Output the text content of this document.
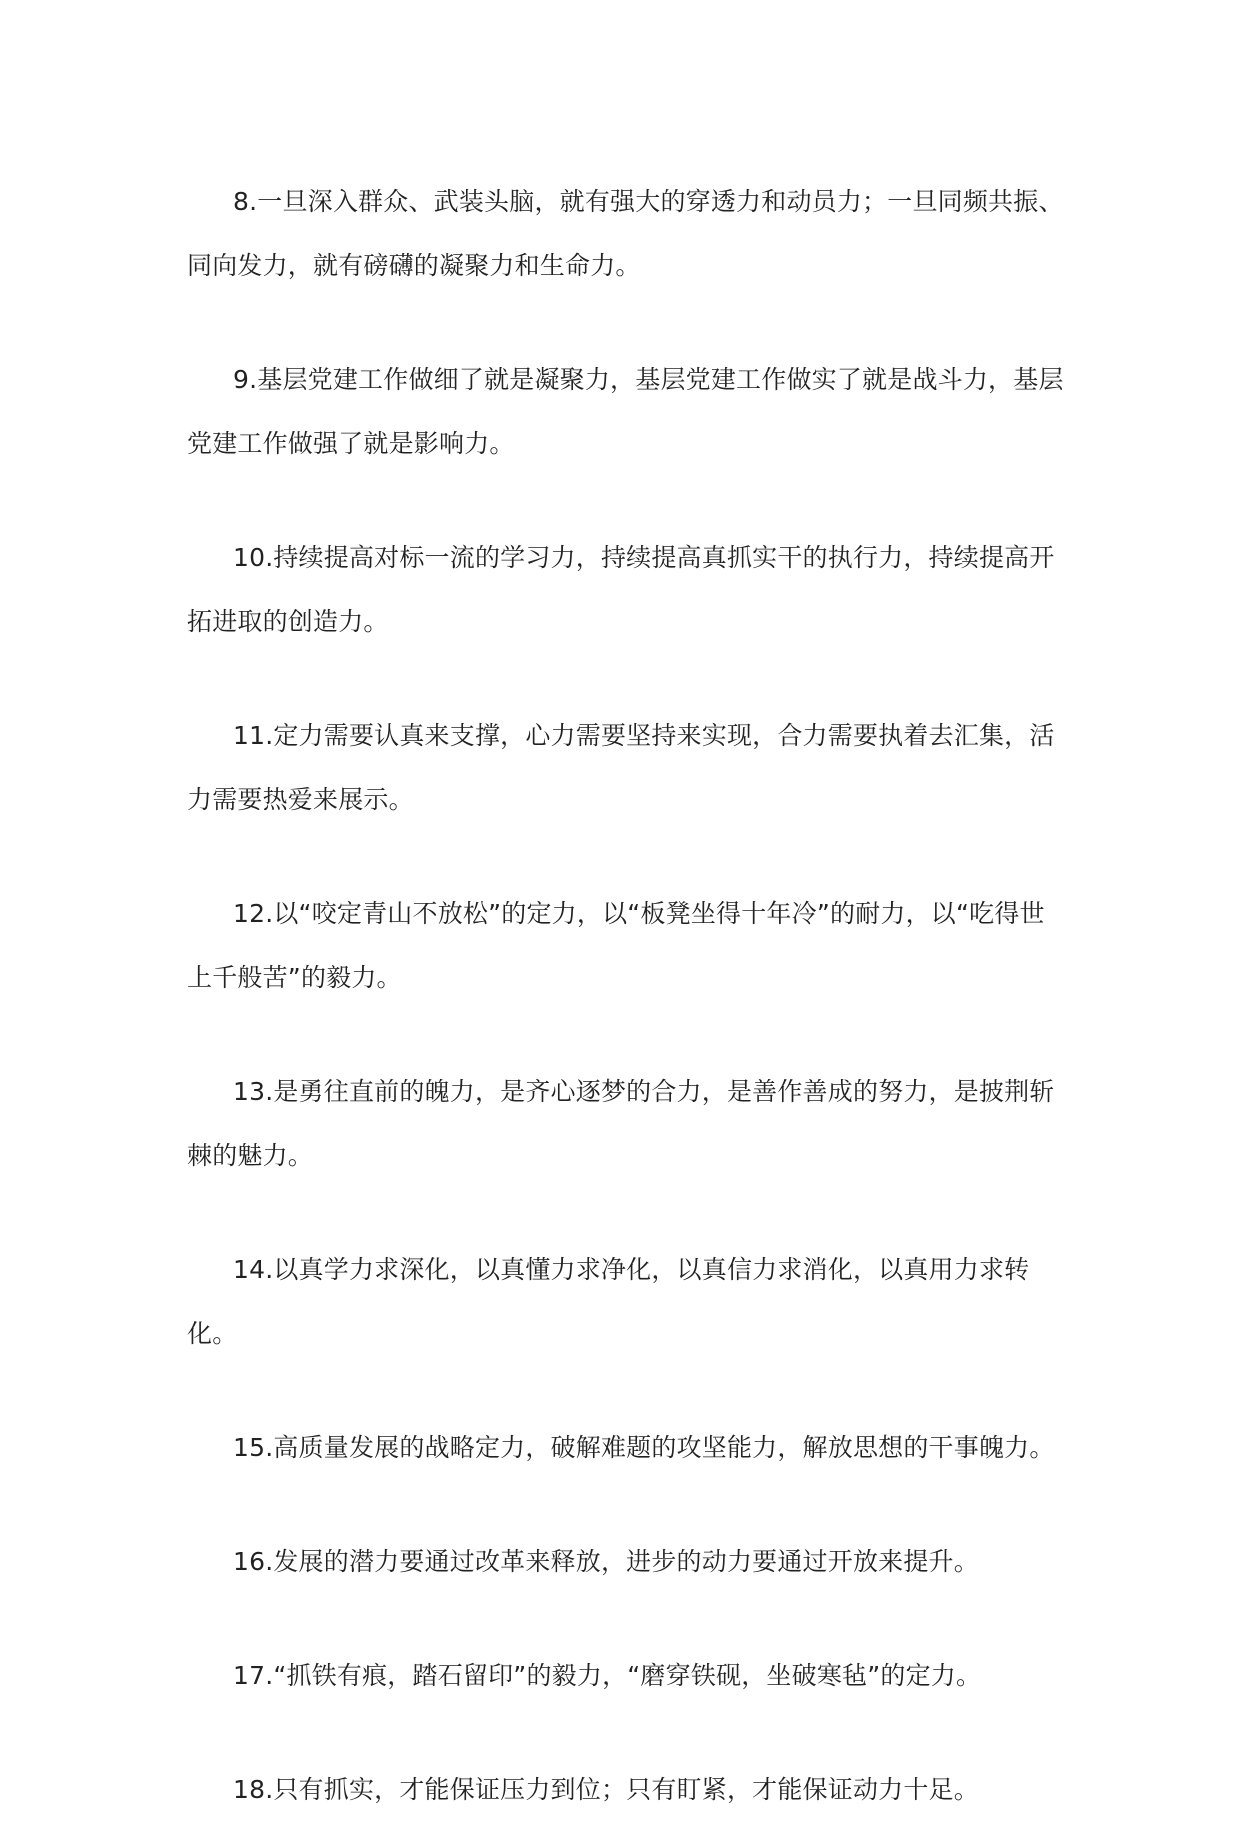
8.一旦深入群众、武装头脑，就有强大的穿透力和动员力；一旦同频共振、同向发力，就有磅礴的凝聚力和生命力。

9.基层党建工作做细了就是凝聚力，基层党建工作做实了就是战斗力，基层党建工作做强了就是影响力。

10.持续提高对标一流的学习力，持续提高真抓实干的执行力，持续提高开拓进取的创造力。

11.定力需要认真来支撑，心力需要坚持来实现，合力需要执着去汇集，活力需要热爱来展示。

12.以“咬定青山不放松”的定力，以“板凳坐得十年冷”的耐力，以“吃得世上千般苦”的毅力。

13.是勇往直前的魄力，是齐心逐梦的合力，是善作善成的努力，是披荆斩棘的魅力。

14.以真学力求深化，以真懂力求净化，以真信力求消化，以真用力求转化。

15.高质量发展的战略定力，破解难题的攻坚能力，解放思想的干事魄力。

16.发展的潜力要通过改革来释放，进步的动力要通过开放来提升。

17.“抓铁有痕，踏石留印”的毅力，“磨穿铁砚，坐破寒毡”的定力。

18.只有抓实，才能保证压力到位；只有盯紧，才能保证动力十足。
